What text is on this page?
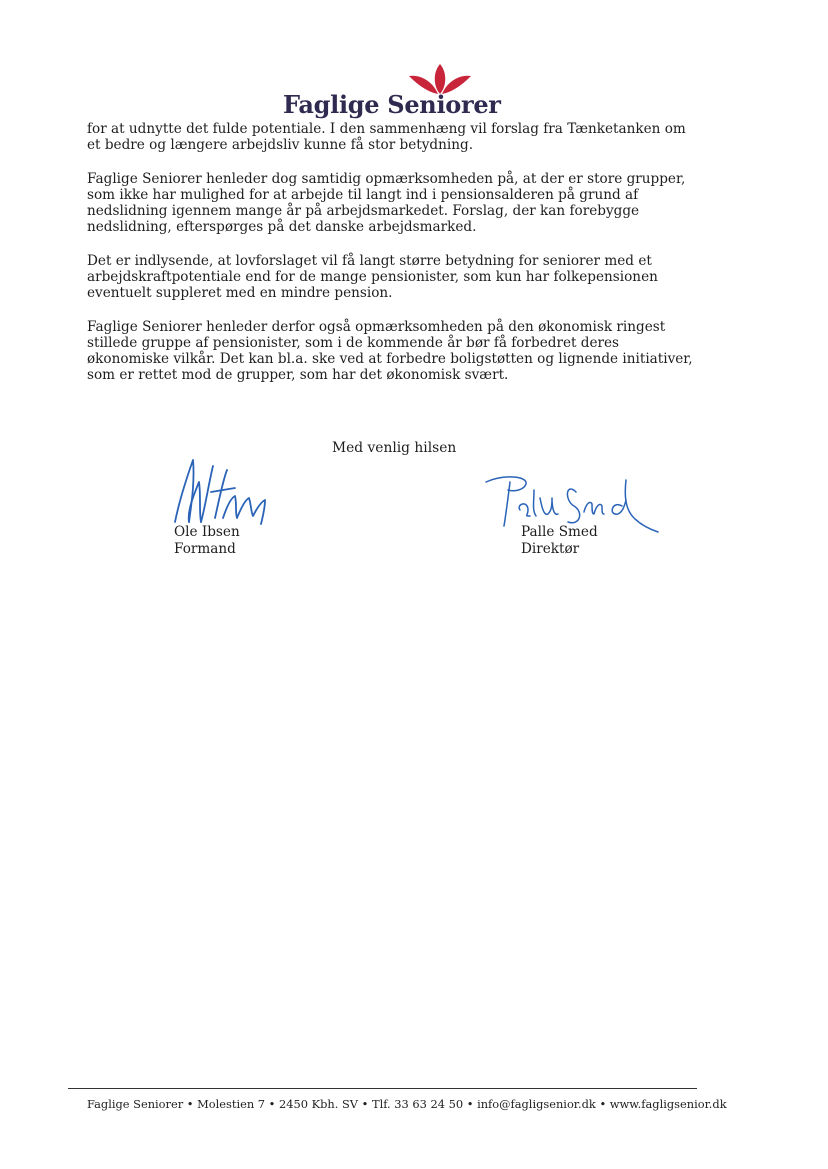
Faglige Seniorer

for at udnytte det fulde potentiale. I den sammenhæng vil forslag fra Tænketanken om et bedre og længere arbejdsliv kunne få stor betydning.

Faglige Seniorer henleder dog samtidig opmærksomheden på, at der er store grupper, som ikke har mulighed for at arbejde til langt ind i pensionsalderen på grund af nedslidning igennem mange år på arbejdsmarkedet. Forslag, der kan forebygge nedslidning, efterspørges på det danske arbejdsmarked.

Det er indlysende, at lovforslaget vil få langt større betydning for seniorer med et arbejdskraftpotentiale end for de mange pensionister, som kun har folkepensionen eventuelt suppleret med en mindre pension.

Faglige Seniorer henleder derfor også opmærksomheden på den økonomisk ringest stillede gruppe af pensionister, som i de kommende år bør få forbedret deres økonomiske vilkår. Det kan bl.a. ske ved at forbedre boligstøtten og lignende initiativer, som er rettet mod de grupper, som har det økonomisk svært.

Med venlig hilsen
Ole Ibsen
Formand
Palle Smed
Direktør
Faglige Seniorer • Molestien 7 • 2450 Kbh. SV • Tlf. 33 63 24 50 • info@fagligsenior.dk • www.fagligsenior.dk
